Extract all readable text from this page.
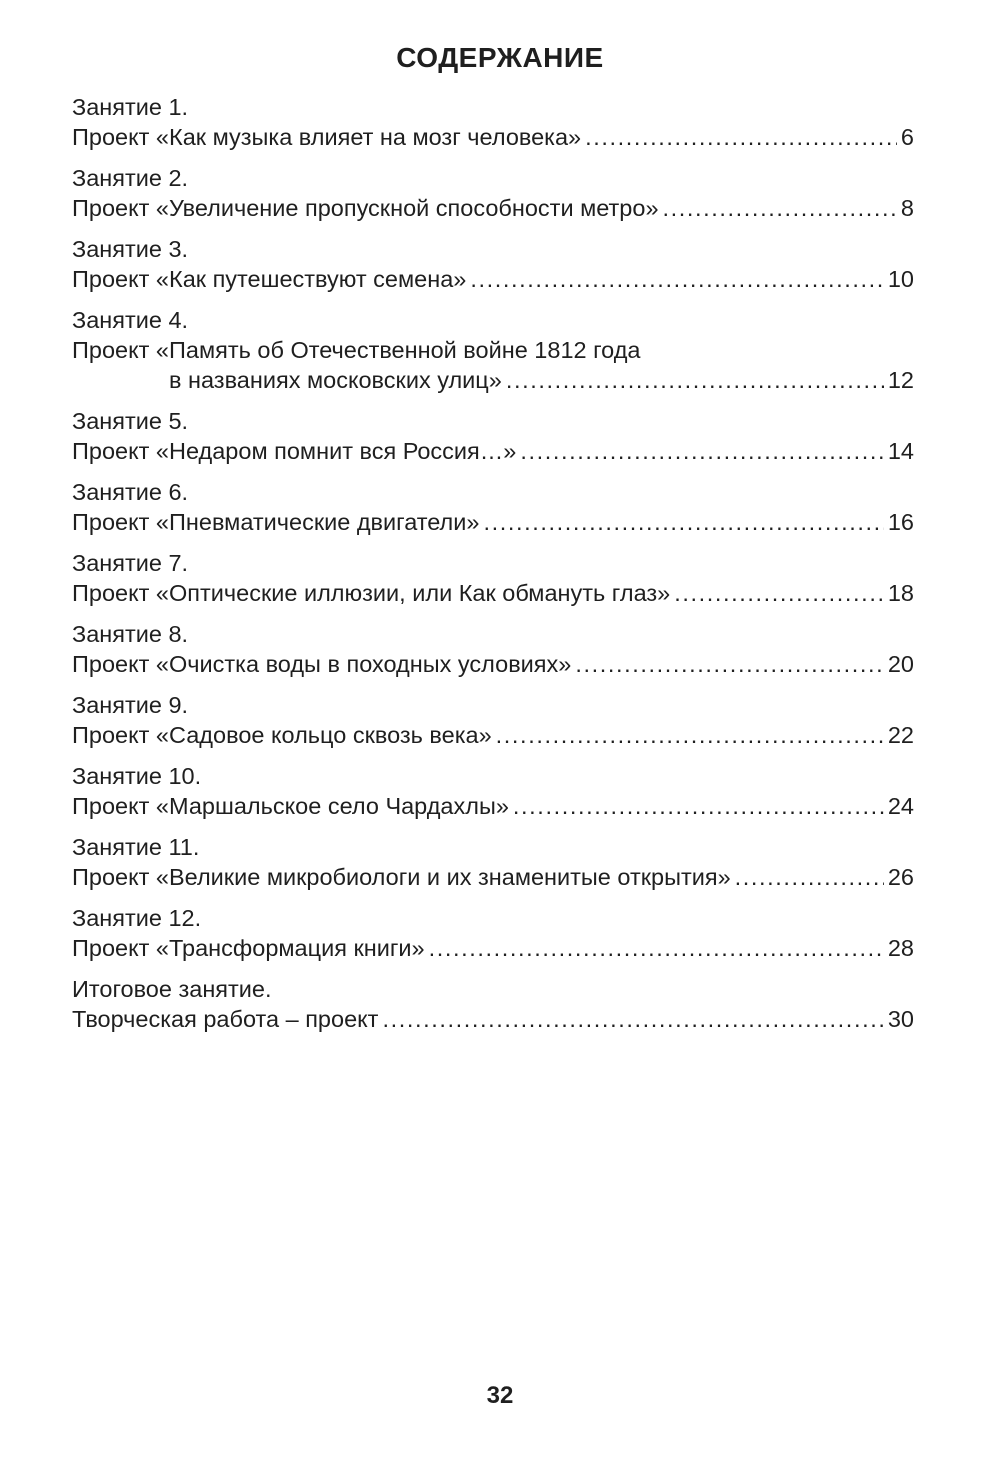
СОДЕРЖАНИЕ
Занятие 1.
Проект «Как музыка влияет на мозг человека» .....	6
Занятие 2.
Проект «Увеличение пропускной способности метро» .....	8
Занятие 3.
Проект «Как путешествуют семена» .....	10
Занятие 4.
Проект «Память об Отечественной войне 1812 года
в названиях московских улиц» .....	12
Занятие 5.
Проект «Недаром помнит вся Россия…» .....	14
Занятие 6.
Проект «Пневматические двигатели» .....	16
Занятие 7.
Проект «Оптические иллюзии, или Как обмануть глаз» .....	18
Занятие 8.
Проект «Очистка воды в походных условиях» .....	20
Занятие 9.
Проект «Садовое кольцо сквозь века» .....	22
Занятие 10.
Проект «Маршальское село Чардахлы» .....	24
Занятие 11.
Проект «Великие микробиологи и их знаменитые открытия» .....	26
Занятие 12.
Проект «Трансформация книги» .....	28
Итоговое занятие.
Творческая работа – проект .....	30
32
